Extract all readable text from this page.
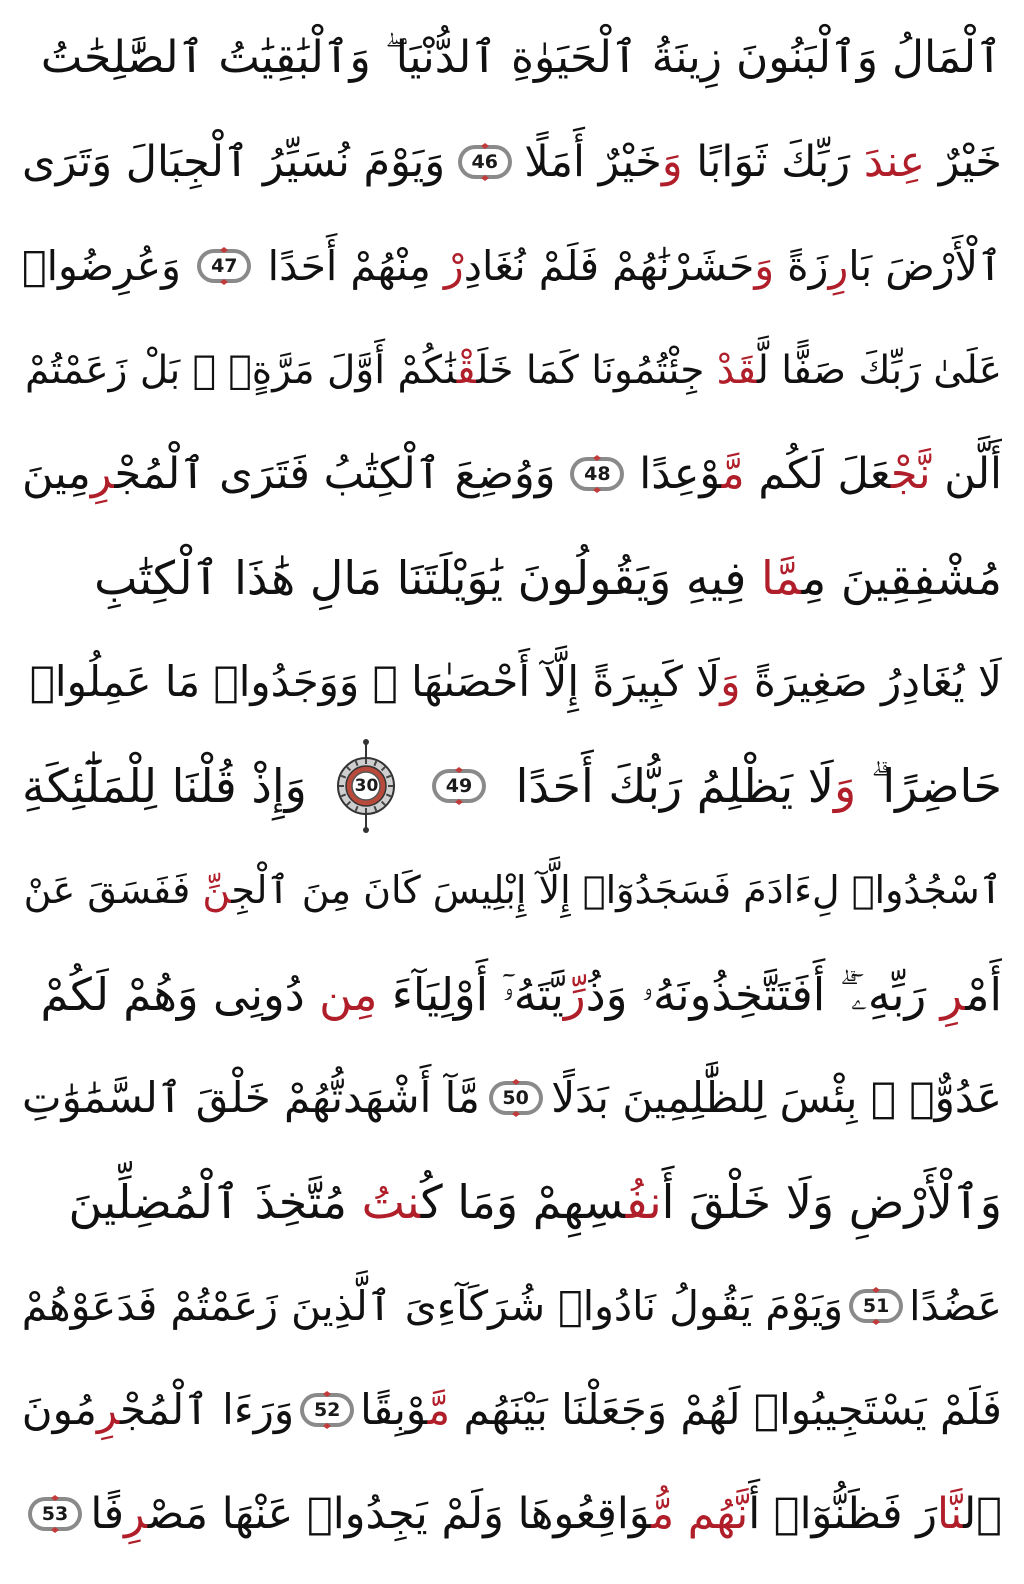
ٱلْمَالُ وَٱلْبَنُونَ زِينَةُ ٱلْحَيَوٰةِ ٱلدُّنْيَا ۖ وَٱلْبَٰقِيَٰتُ ٱلصَّٰلِحَٰتُ
خَيْرٌ عِندَ رَبِّكَ ثَوَابًا وَخَيْرٌ أَمَلًا
46
وَيَوْمَ نُسَيِّرُ ٱلْجِبَالَ وَتَرَى
ٱلْأَرْضَ بَارِزَةً وَحَشَرْنَٰهُمْ فَلَمْ نُغَادِرْ مِنْهُمْ أَحَدًا
47
وَعُرِضُوا۟
عَلَىٰ رَبِّكَ صَفًّا لَّقَدْ جِئْتُمُونَا كَمَا خَلَقْنَٰكُمْ أَوَّلَ مَرَّةٍۭ ۚ بَلْ زَعَمْتُمْ
أَلَّن نَّجْعَلَ لَكُم مَّوْعِدًا
48
وَوُضِعَ ٱلْكِتَٰبُ فَتَرَى ٱلْمُجْرِمِينَ
مُشْفِقِينَ مِمَّا فِيهِ وَيَقُولُونَ يَٰوَيْلَتَنَا مَالِ هَٰذَا ٱلْكِتَٰبِ
لَا يُغَادِرُ صَغِيرَةً وَلَا كَبِيرَةً إِلَّآ أَحْصَىٰهَا ۚ وَوَجَدُوا۟ مَا عَمِلُوا۟
حَاضِرًا ۗ وَلَا يَظْلِمُ رَبُّكَ أَحَدًا
49
30
وَإِذْ قُلْنَا لِلْمَلَٰٓئِكَةِ
ٱسْجُدُوا۟ لِءَادَمَ فَسَجَدُوٓا۟ إِلَّآ إِبْلِيسَ كَانَ مِنَ ٱلْجِنِّ فَفَسَقَ عَنْ
أَمْرِ رَبِّهِۦٓ ۗ أَفَتَتَّخِذُونَهُۥ وَذُرِّيَّتَهُۥٓ أَوْلِيَآءَ مِن دُونِى وَهُمْ لَكُمْ
عَدُوٌّۢ ۚ بِئْسَ لِلظَّٰلِمِينَ بَدَلًا
50
مَّآ أَشْهَدتُّهُمْ خَلْقَ ٱلسَّمَٰوَٰتِ
وَٱلْأَرْضِ وَلَا خَلْقَ أَنفُسِهِمْ وَمَا كُنتُ مُتَّخِذَ ٱلْمُضِلِّينَ
عَضُدًا
51
وَيَوْمَ يَقُولُ نَادُوا۟ شُرَكَآءِىَ ٱلَّذِينَ زَعَمْتُمْ فَدَعَوْهُمْ
فَلَمْ يَسْتَجِيبُوا۟ لَهُمْ وَجَعَلْنَا بَيْنَهُم مَّوْبِقًا
52
وَرَءَا ٱلْمُجْرِمُونَ
ٱلنَّارَ فَظَنُّوٓا۟ أَنَّهُم مُّوَاقِعُوهَا وَلَمْ يَجِدُوا۟ عَنْهَا مَصْرِفًا
53
